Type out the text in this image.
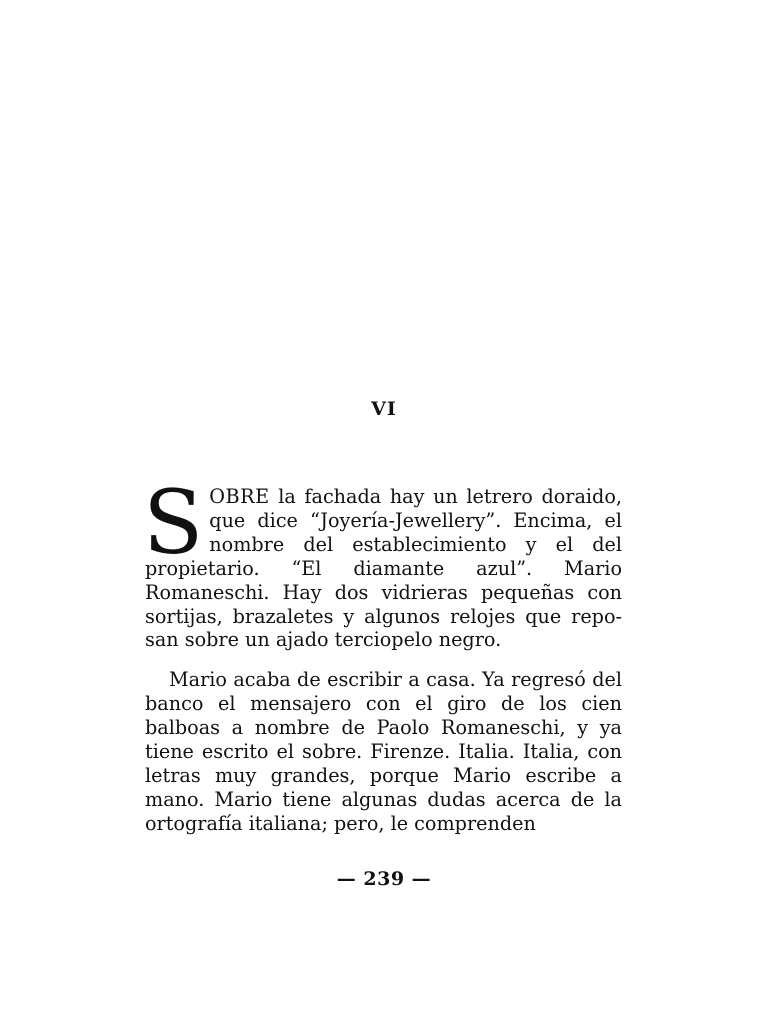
VI

SOBRE la fachada hay un letrero doraido, que dice “Joyería-Jewellery”. Encima, el nombre del establecimiento y el del propietario. “El diamante azul”. Mario Romaneschi. Hay dos vidrieras pequeñas con sortijas, brazaletes y algunos relojes que reposan sobre un ajado terciopelo negro.

Mario acaba de escribir a casa. Ya regresó del banco el mensajero con el giro de los cien balboas a nombre de Paolo Romaneschi, y ya tiene escrito el sobre. Firenze. Italia. Italia, con letras muy grandes, porque Mario escribe a mano. Mario tiene algunas dudas acerca de la ortografía italiana; pero, le comprenden

— 239 —
